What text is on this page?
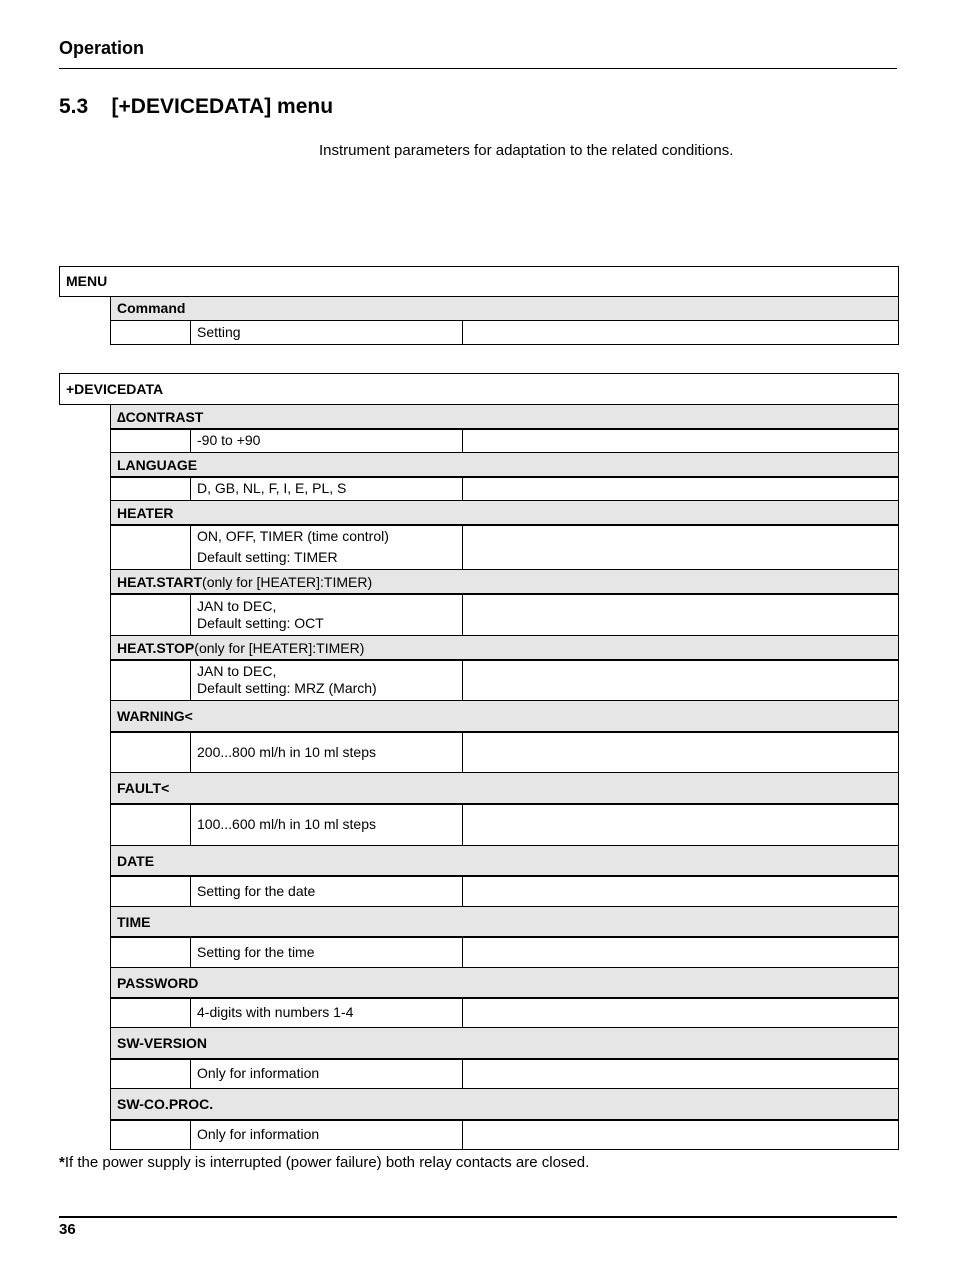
Operation
5.3 [+DEVICEDATA] menu
Instrument parameters for adaptation to the related conditions.
MENU
Command
Setting
+DEVICEDATA
∆CONTRAST
-90 to +90
LANGUAGE
D, GB, NL, F, I, E, PL, S
HEATER
ON, OFF, TIMER (time control)
Default setting: TIMER
HEAT.START (only for [HEATER]:TIMER)
JAN to DEC,
Default setting: OCT
HEAT.STOP (only for [HEATER]:TIMER)
JAN to DEC,
Default setting: MRZ (March)
WARNING<
200...800 ml/h in 10 ml steps
FAULT<
100...600 ml/h in 10 ml steps
DATE
Setting for the date
TIME
Setting for the time
PASSWORD
4-digits with numbers 1-4
SW-VERSION
Only for information
SW-CO.PROC.
Only for information
*If the power supply is interrupted (power failure) both relay contacts are closed.
36
